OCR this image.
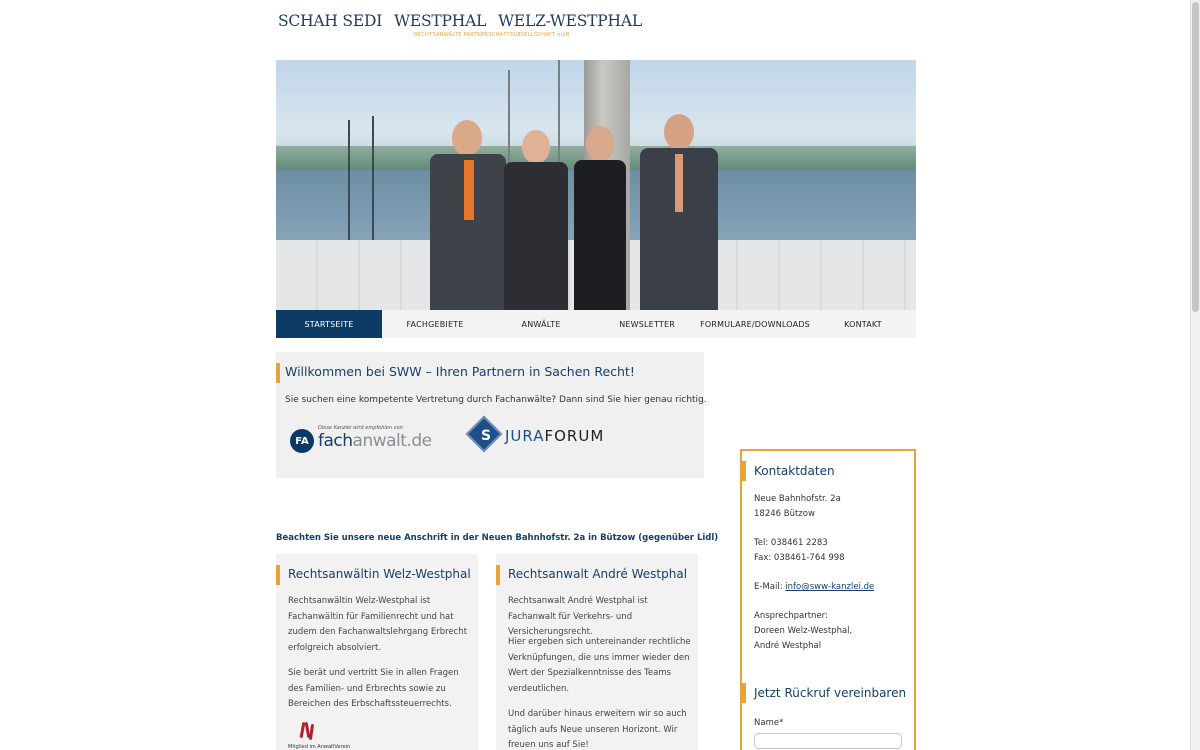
SCHAH SEDI WESTPHAL WELZ-WESTPHAL
RECHTSANWÄLTE PARTNERSCHAFTSGESELLSCHAFT mbB
STARTSEITE	FACHGEBIETE	ANWÄLTE	NEWSLETTER	FORMULARE/DOWNLOADS	KONTAKT
Willkommen bei SWW – Ihren Partnern in Sachen Recht!
Sie suchen eine kompetente Vertretung durch Fachanwälte? Dann sind Sie hier genau richtig.
FA
Diese Kanzlei wird empfohlen von
fachanwalt.de	S JURAFORUM
Beachten Sie unsere neue Anschrift in der Neuen Bahnhofstr. 2a in Bützow (gegenüber Lidl)
Rechtsanwältin Welz-Westphal

Rechtsanwältin Welz-Westphal ist Fachanwältin für Familienrecht und hat zudem den Fachanwaltslehrgang Erbrecht erfolgreich absolviert.

Sie berät und vertritt Sie in allen Fragen des Familien- und Erbrechts sowie zu Bereichen des Erbschaftssteuerrechts.

Mitglied im AnwaltVerein
Rechtsanwalt André Westphal

Rechtsanwalt André Westphal ist Fachanwalt für Verkehrs- und Versicherungsrecht.

Hier ergeben sich untereinander rechtliche Verknüpfungen, die uns immer wieder den Wert der Spezialkenntnisse des Teams verdeutlichen.

Und darüber hinaus erweitern wir so auch täglich aufs Neue unseren Horizont. Wir freuen uns auf Sie!

Kontaktdaten
Neue Bahnhofstr. 2a
18246 Bützow
Tel: 038461 2283
Fax: 038461-764 998
E-Mail: info@sww-kanzlei.de
Ansprechpartner:
Doreen Welz-Westphal,
André Westphal
Jetzt Rückruf vereinbaren
Name*
